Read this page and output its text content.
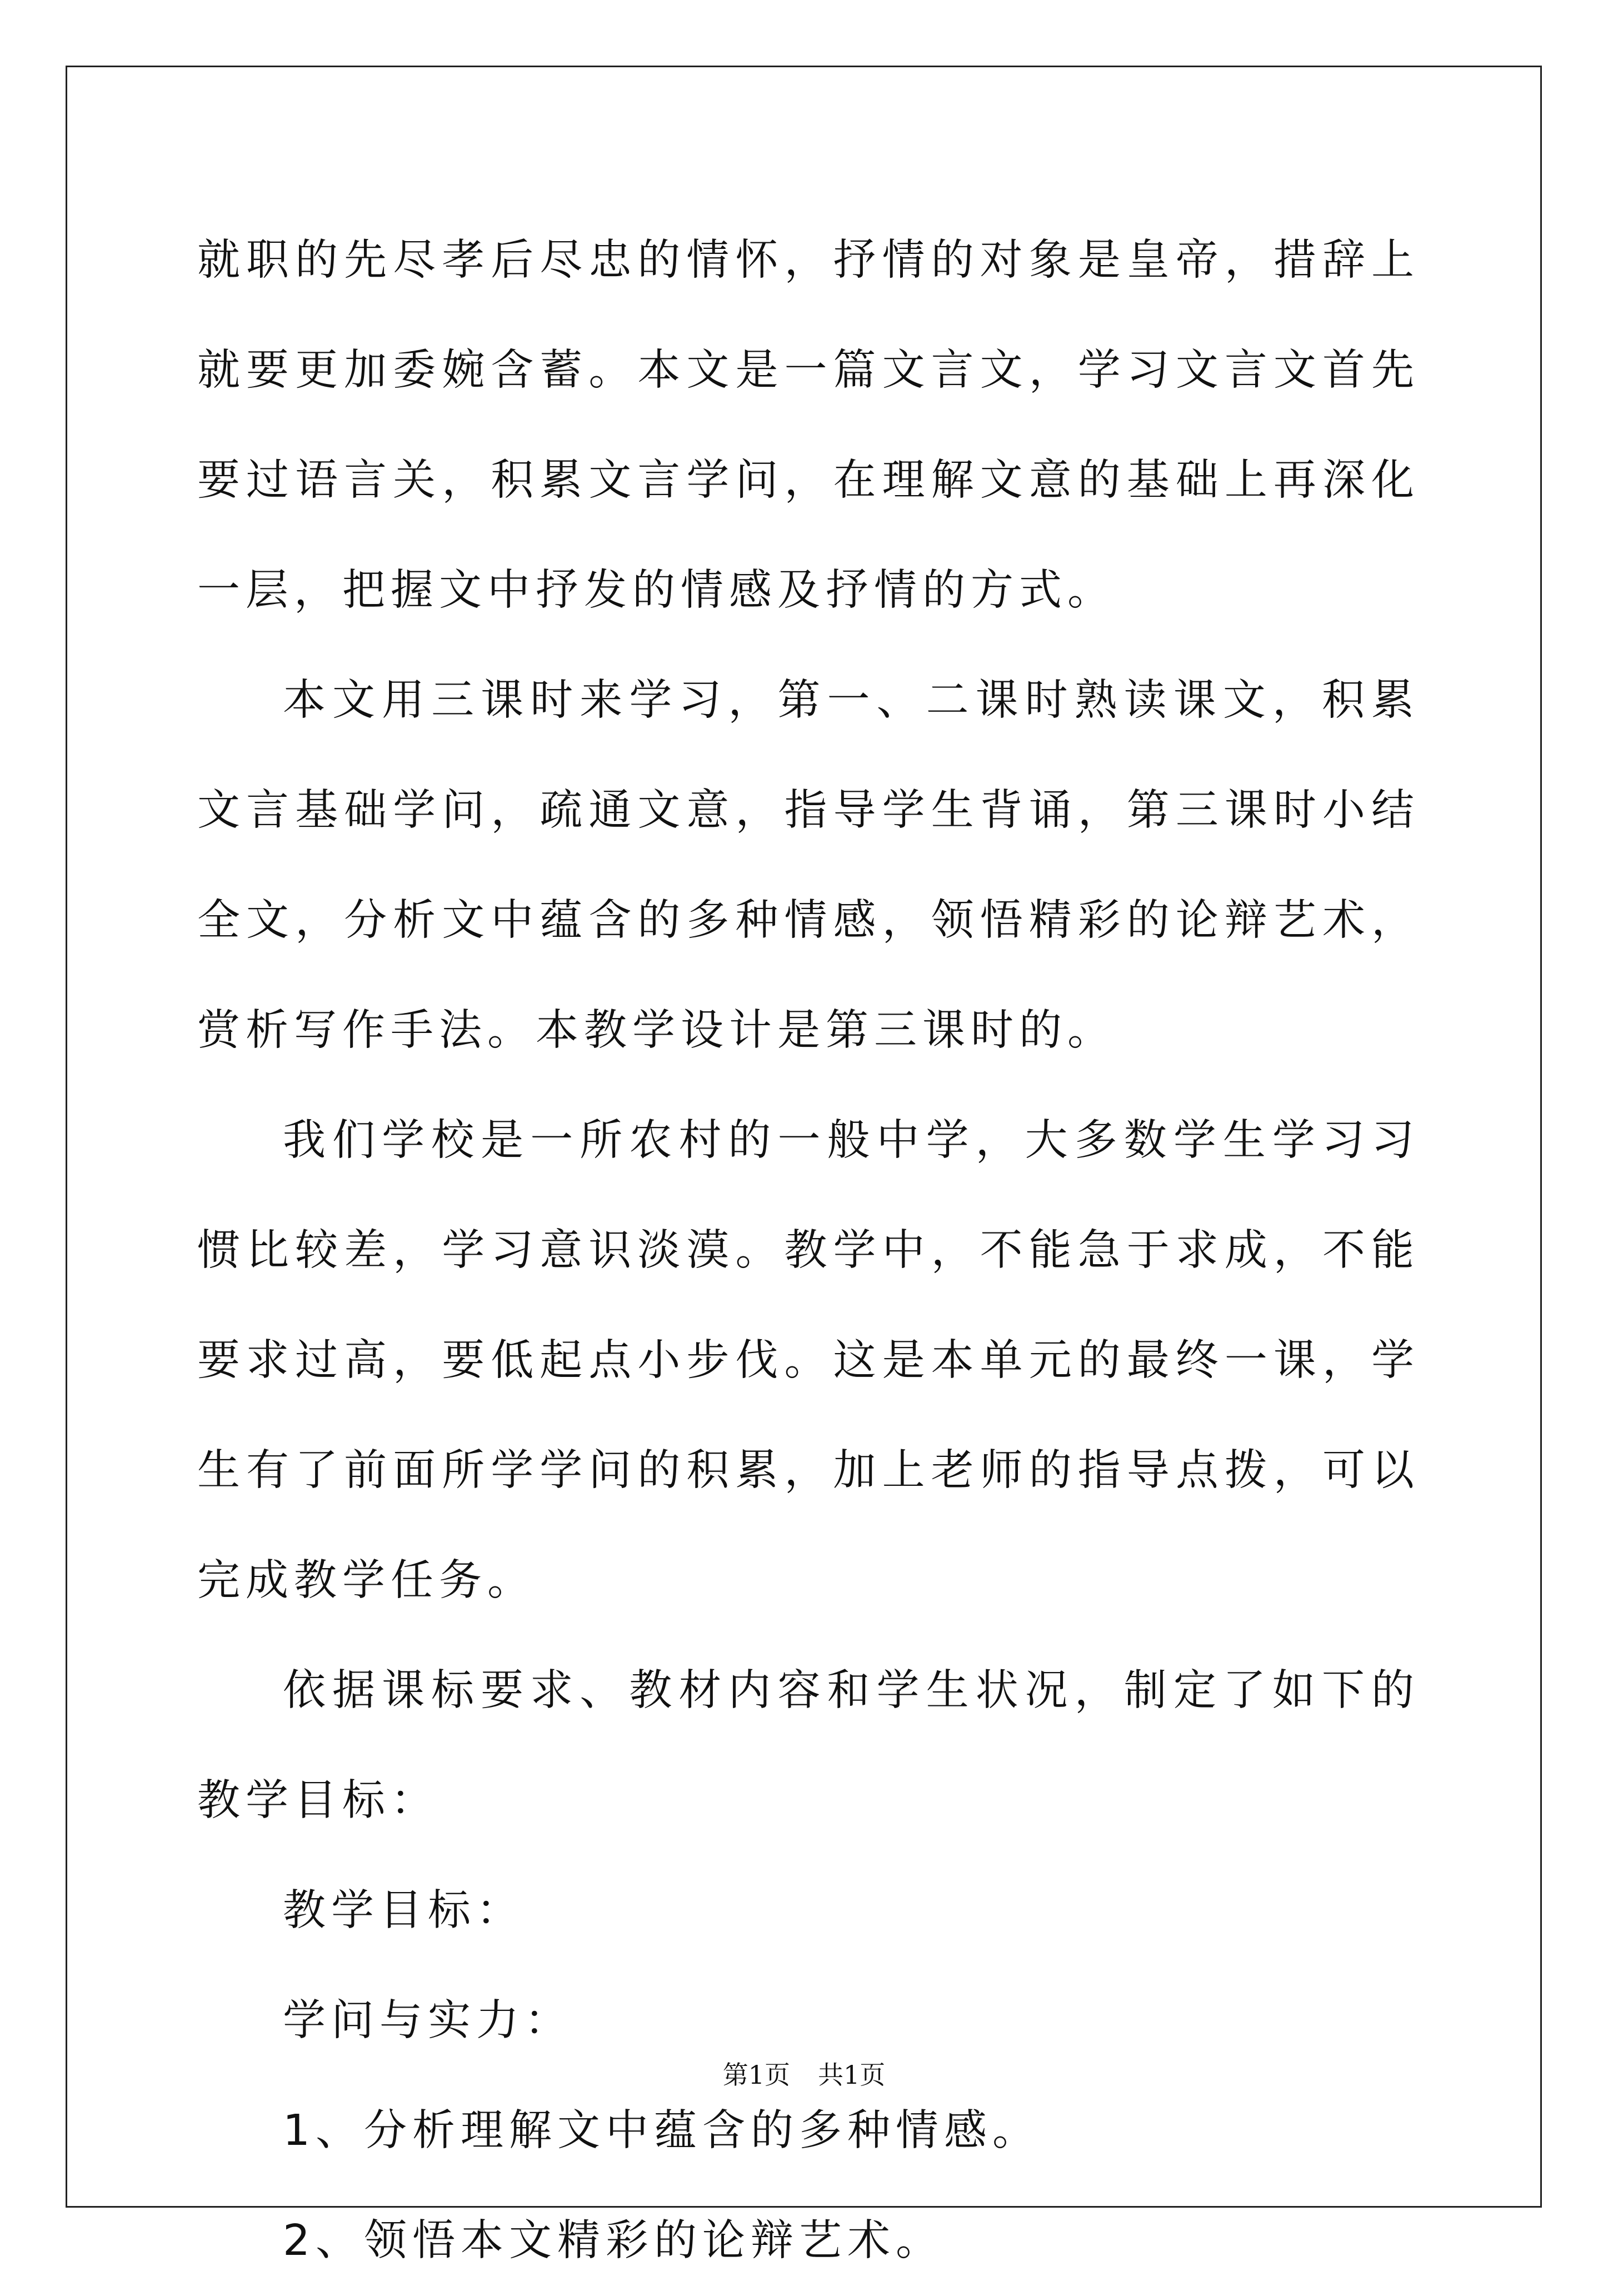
就职的先尽孝后尽忠的情怀，抒情的对象是皇帝，措辞上就要更加委婉含蓄。本文是一篇文言文，学习文言文首先要过语言关，积累文言学问，在理解文意的基础上再深化一层，把握文中抒发的情感及抒情的方式。

本文用三课时来学习，第一、二课时熟读课文，积累文言基础学问，疏通文意，指导学生背诵，第三课时小结全文，分析文中蕴含的多种情感，领悟精彩的论辩艺术，赏析写作手法。本教学设计是第三课时的。

我们学校是一所农村的一般中学，大多数学生学习习惯比较差，学习意识淡漠。教学中，不能急于求成，不能要求过高，要低起点小步伐。这是本单元的最终一课，学生有了前面所学学问的积累，加上老师的指导点拨，可以完成教学任务。

依据课标要求、教材内容和学生状况，制定了如下的教学目标：

教学目标：

学问与实力：

1、分析理解文中蕴含的多种情感。

2、领悟本文精彩的论辩艺术。

第1页 共1页
